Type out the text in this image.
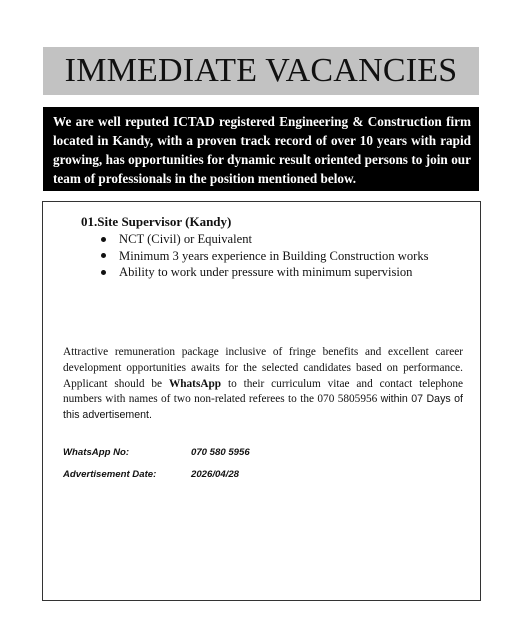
IMMEDIATE VACANCIES
We are well reputed ICTAD registered Engineering & Construction firm located in Kandy, with a proven track record of over 10 years with rapid growing, has opportunities for dynamic result oriented persons to join our team of professionals in the position mentioned below.
01.Site Supervisor (Kandy)
NCT (Civil) or Equivalent
Minimum 3 years experience in Building Construction works
Ability to work under pressure with minimum supervision

Attractive remuneration package inclusive of fringe benefits and excellent career development opportunities awaits for the selected candidates based on performance. Applicant should be WhatsApp to their curriculum vitae and contact telephone numbers with names of two non-related referees to the 070 5805956 within 07 Days of this advertisement.

WhatsApp No:	070 580 5956
Advertisement Date:	2026/04/28
